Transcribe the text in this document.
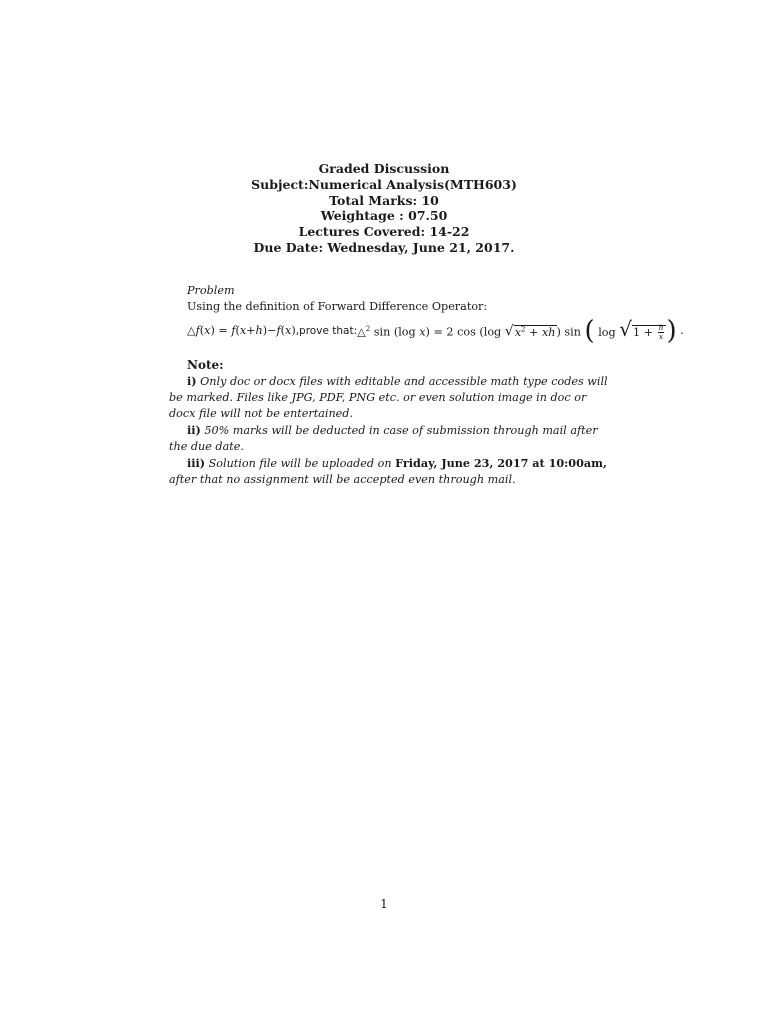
Graded Discussion
Subject:Numerical Analysis(MTH603)
Total Marks: 10
Weightage : 07.50
Lectures Covered: 14-22
Due Date: Wednesday, June 21, 2017.
Problem
Using the definition of Forward Difference Operator:
△f(x) = f(x+h)−f(x) ,prove that: △$^2$ sin (log x) = 2 cos (log $√x^2 + xh$) sin ( $\log √1 + \frac{h}{x}$ ) .
Note:
i) Only doc or docx files with editable and accessible math type codes will be marked. Files like JPG, PDF, PNG etc. or even solution image in doc or docx file will not be entertained.
ii) 50% marks will be deducted in case of submission through mail after the due date.
iii) Solution file will be uploaded on Friday, June 23, 2017 at 10:00am, after that no assignment will be accepted even through mail.
1
